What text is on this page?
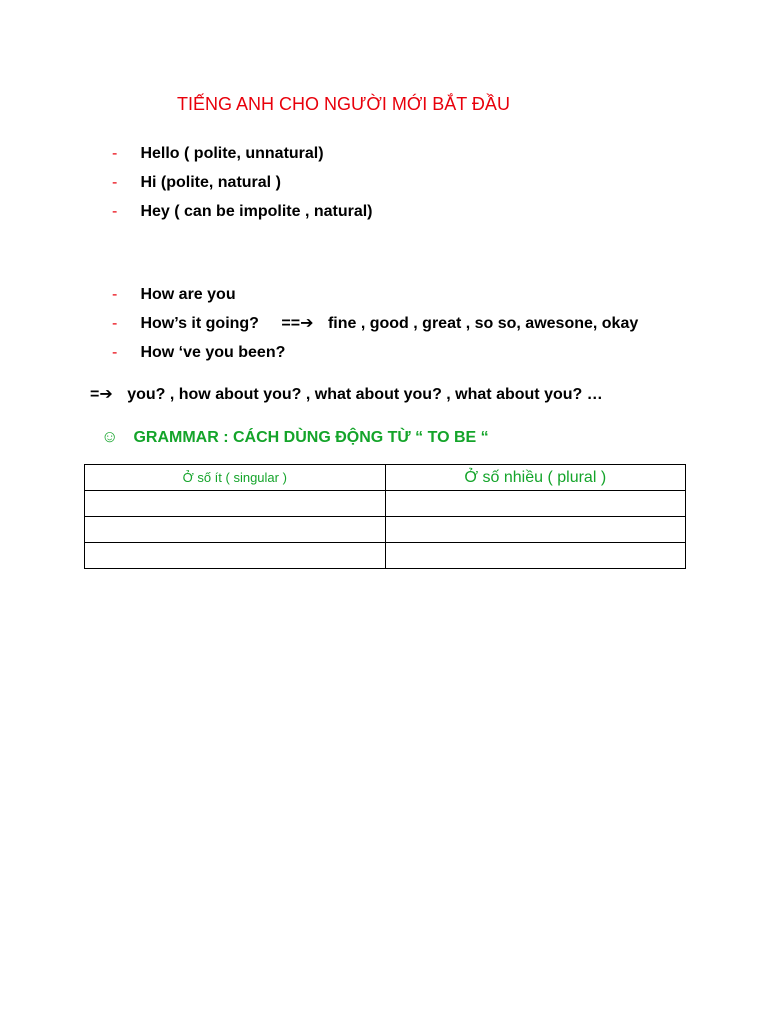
TIẾNG ANH CHO NGƯỜI MỚI BẮT ĐẦU
- Hello ( polite, unnatural)
- Hi (polite, natural )
- Hey ( can be impolite , natural)
- How are you
- How’s it going? ==➔ fine , good , great , so so, awesone, okay
- How ‘ve you been?
=➔ you? , how about you? , what about you? , what about you? …
☺ GRAMMAR : CÁCH DÙNG ĐỘNG TỪ “ TO BE “
Ở số ít ( singular )	Ở số nhiều ( plural )
